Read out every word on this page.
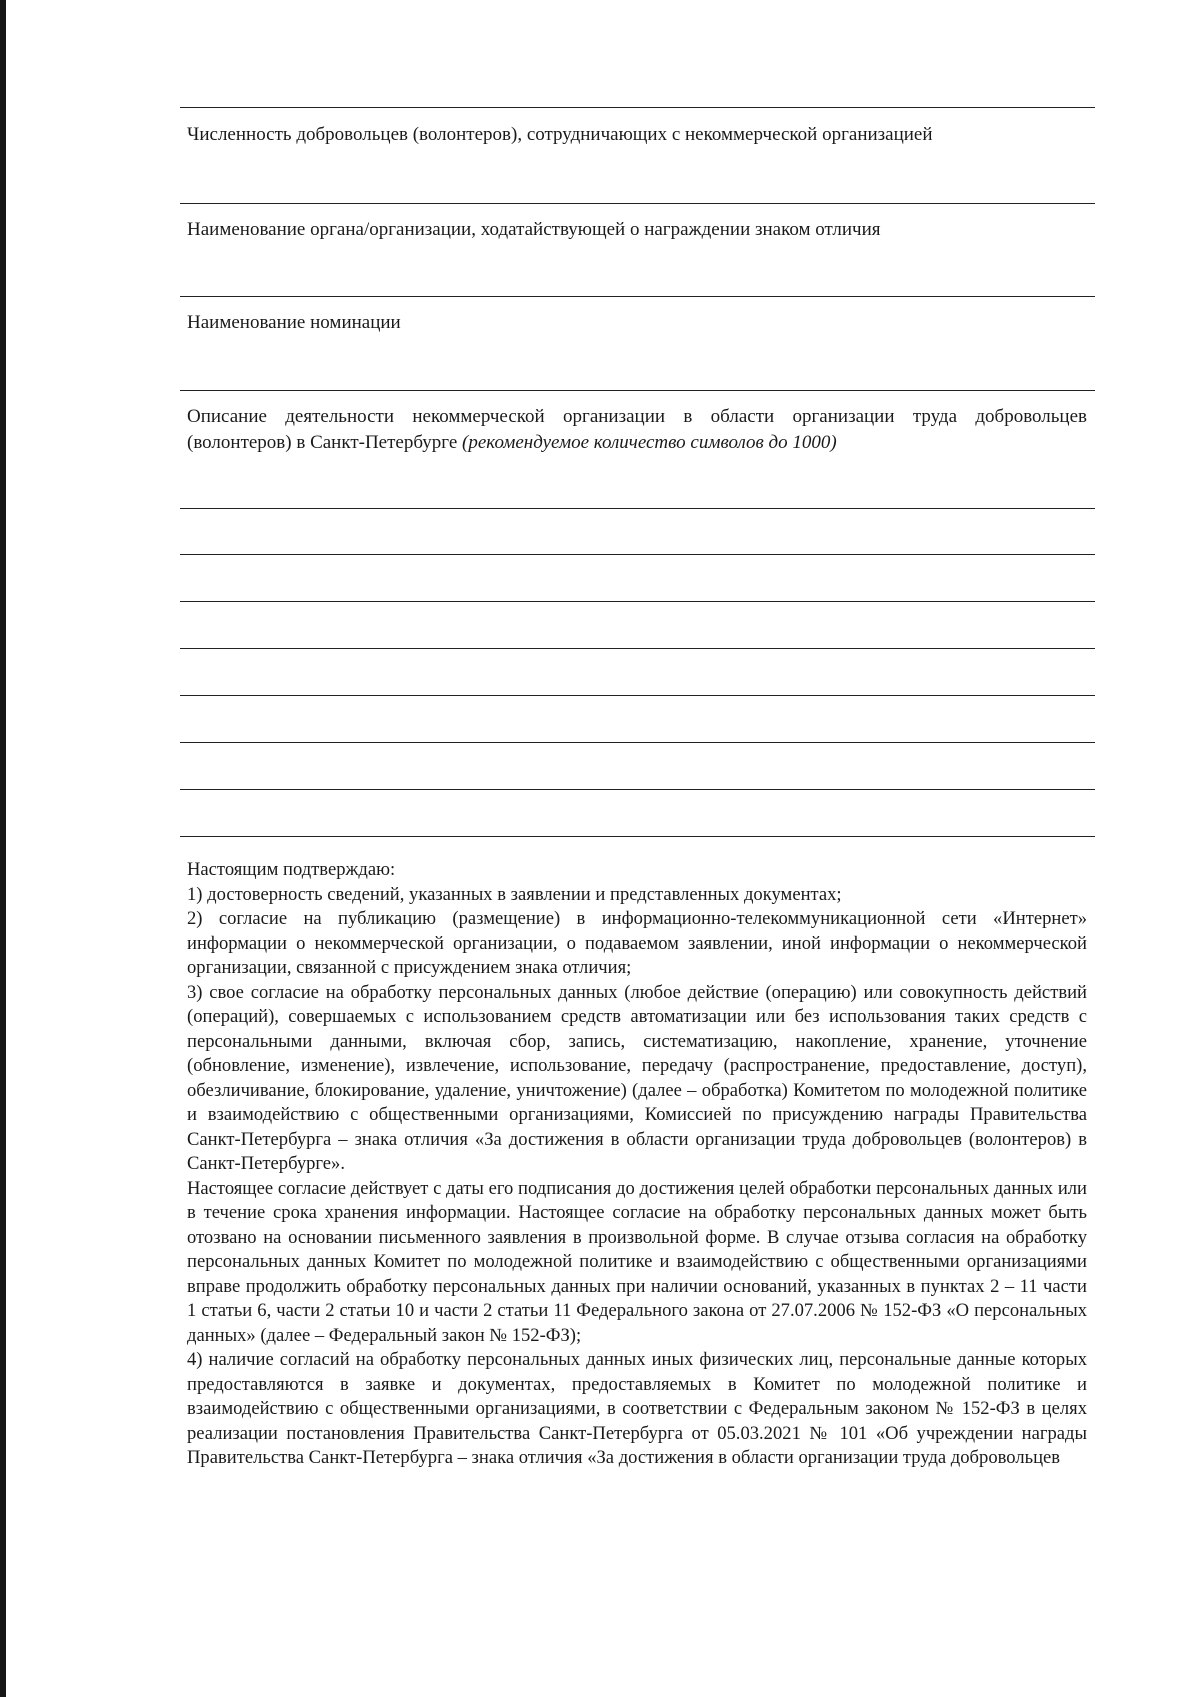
Численность добровольцев (волонтеров), сотрудничающих с некоммерческой организацией
Наименование органа/организации, ходатайствующей о награждении знаком отличия
Наименование номинации
Описание деятельности некоммерческой организации в области организации труда добровольцев (волонтеров) в Санкт-Петербурге (рекомендуемое количество символов до 1000)

Настоящим подтверждаю:

1) достоверность сведений, указанных в заявлении и представленных документах;

2) согласие на публикацию (размещение) в информационно-телекоммуникационной сети «Интернет» информации о некоммерческой организации, о подаваемом заявлении, иной информации о некоммерческой организации, связанной с присуждением знака отличия;

3) свое согласие на обработку персональных данных (любое действие (операцию) или совокупность действий (операций), совершаемых с использованием средств автоматизации или без использования таких средств с персональными данными, включая сбор, запись, систематизацию, накопление, хранение, уточнение (обновление, изменение), извлечение, использование, передачу (распространение, предоставление, доступ), обезличивание, блокирование, удаление, уничтожение) (далее – обработка) Комитетом по молодежной политике и взаимодействию с общественными организациями, Комиссией по присуждению награды Правительства Санкт-Петербурга – знака отличия «За достижения в области организации труда добровольцев (волонтеров) в Санкт-Петербурге».

Настоящее согласие действует с даты его подписания до достижения целей обработки персональных данных или в течение срока хранения информации. Настоящее согласие на обработку персональных данных может быть отозвано на основании письменного заявления в произвольной форме. В случае отзыва согласия на обработку персональных данных Комитет по молодежной политике и взаимодействию с общественными организациями вправе продолжить обработку персональных данных при наличии оснований, указанных в пунктах 2 – 11 части 1 статьи 6, части 2 статьи 10 и части 2 статьи 11 Федерального закона от 27.07.2006 № 152-ФЗ «О персональных данных» (далее – Федеральный закон № 152-ФЗ);

4) наличие согласий на обработку персональных данных иных физических лиц, персональные данные которых предоставляются в заявке и документах, предоставляемых в Комитет по молодежной политике и взаимодействию с общественными организациями, в соответствии с Федеральным законом № 152-ФЗ в целях реализации постановления Правительства Санкт-Петербурга от 05.03.2021 № 101 «Об учреждении награды Правительства Санкт-Петербурга – знака отличия «За достижения в области организации труда добровольцев
